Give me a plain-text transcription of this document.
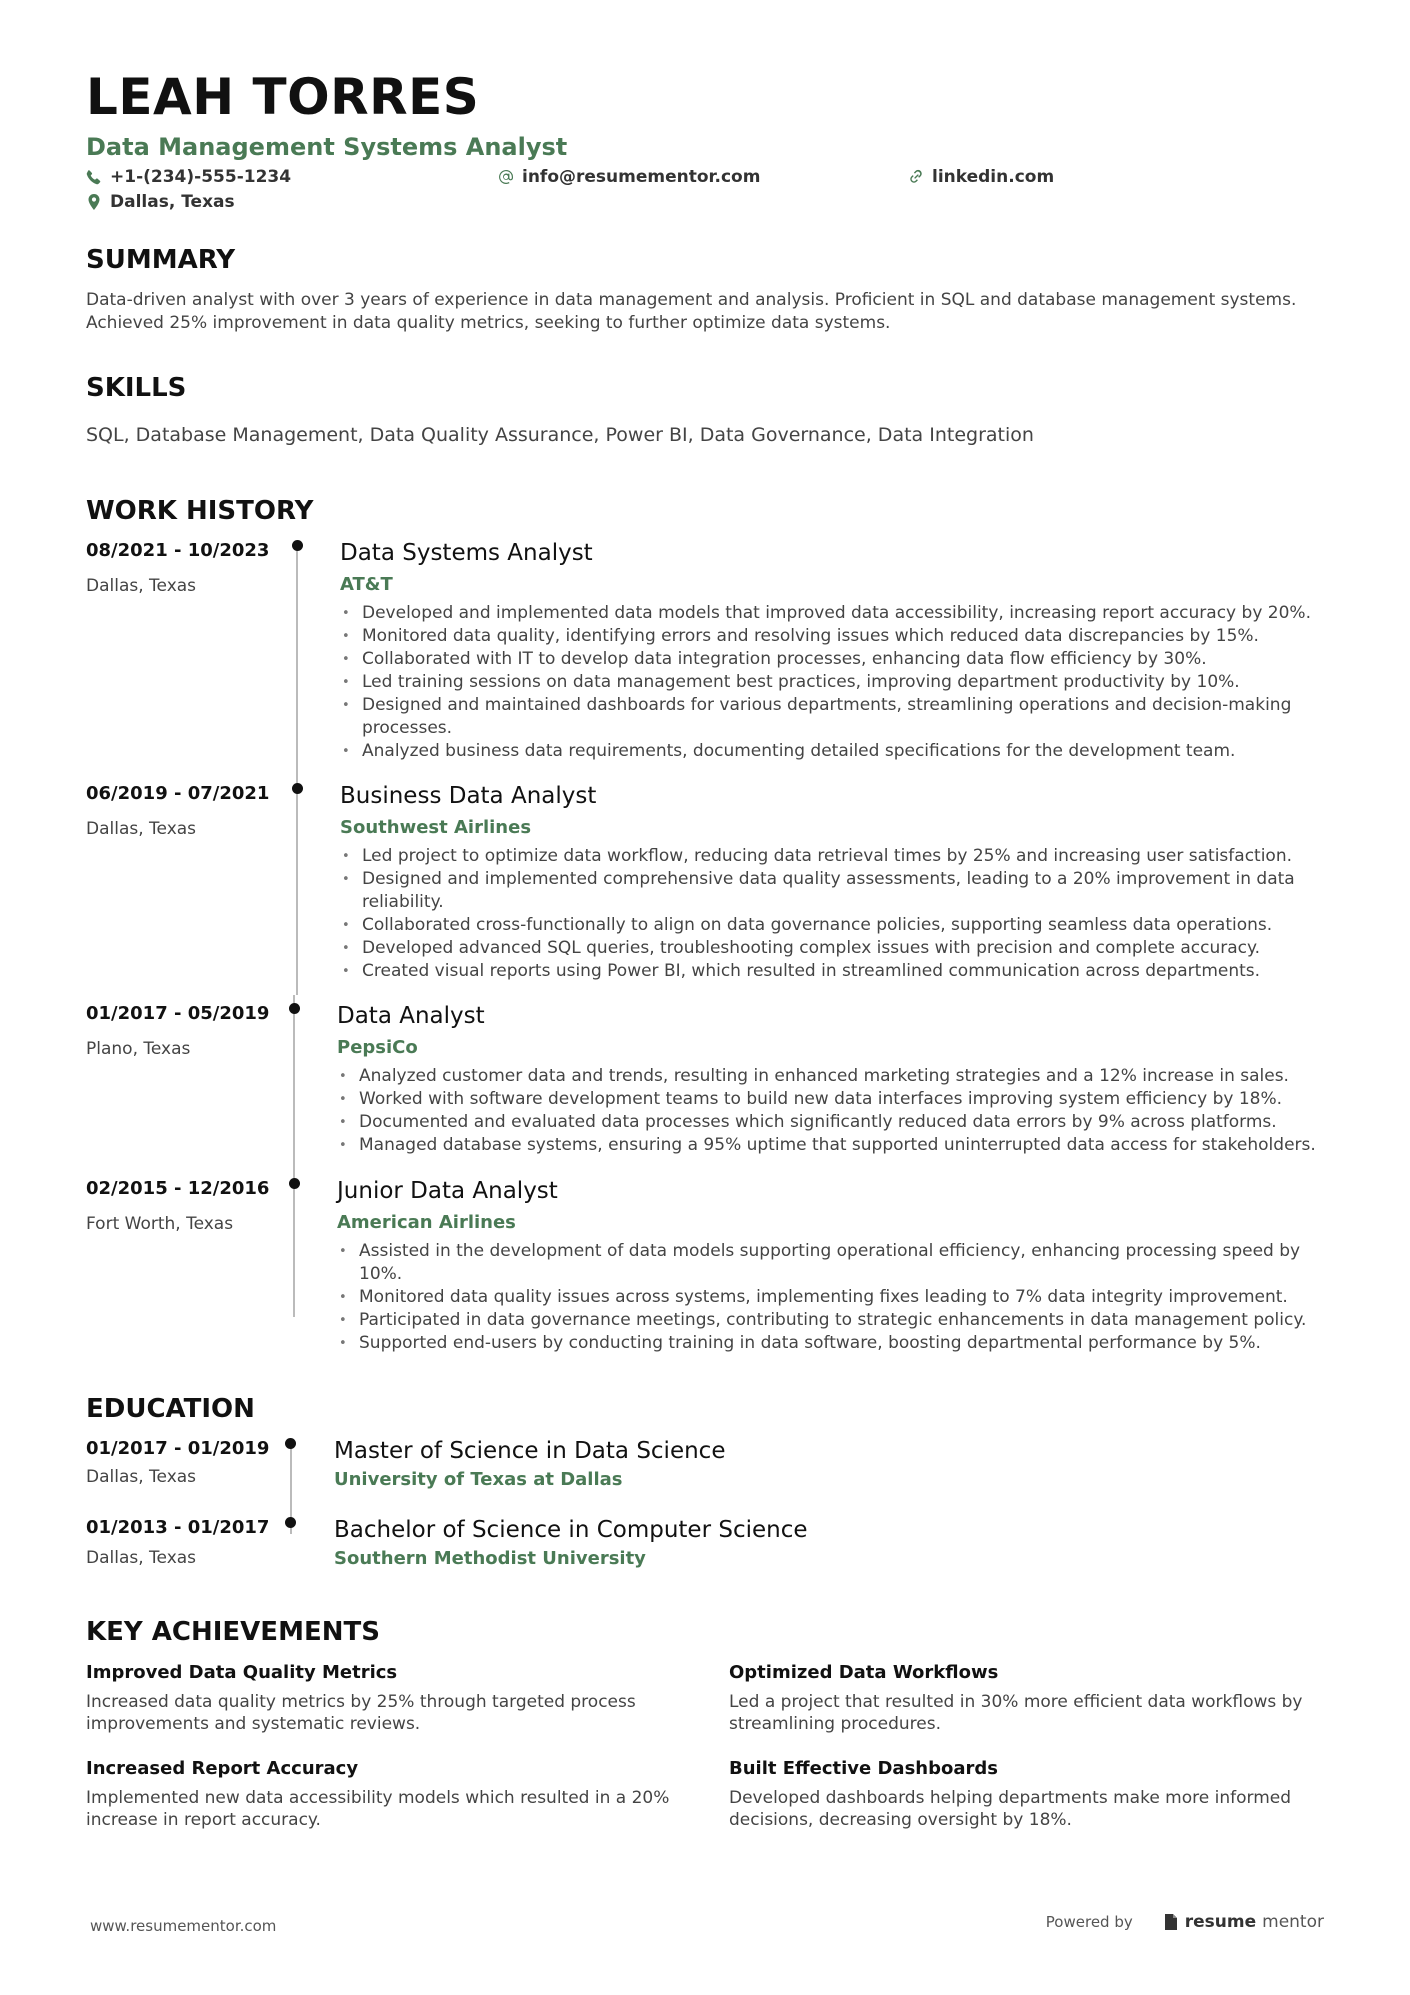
LEAH TORRES
Data Management Systems Analyst
+1-(234)-555-1234	info@resumementor.com	linkedin.com
Dallas, Texas
SUMMARY
Data-driven analyst with over 3 years of experience in data management and analysis. Proficient in SQL and database management systems. Achieved 25% improvement in data quality metrics, seeking to further optimize data systems.
SKILLS
SQL, Database Management, Data Quality Assurance, Power BI, Data Governance, Data Integration
WORK HISTORY
08/2021 - 10/2023
Dallas, Texas
Data Systems Analyst
AT&T
• Developed and implemented data models that improved data accessibility, increasing report accuracy by 20%.
• Monitored data quality, identifying errors and resolving issues which reduced data discrepancies by 15%.
• Collaborated with IT to develop data integration processes, enhancing data flow efficiency by 30%.
• Led training sessions on data management best practices, improving department productivity by 10%.
• Designed and maintained dashboards for various departments, streamlining operations and decision-making processes.
• Analyzed business data requirements, documenting detailed specifications for the development team.
06/2019 - 07/2021
Dallas, Texas
Business Data Analyst
Southwest Airlines
• Led project to optimize data workflow, reducing data retrieval times by 25% and increasing user satisfaction.
• Designed and implemented comprehensive data quality assessments, leading to a 20% improvement in data reliability.
• Collaborated cross-functionally to align on data governance policies, supporting seamless data operations.
• Developed advanced SQL queries, troubleshooting complex issues with precision and complete accuracy.
• Created visual reports using Power BI, which resulted in streamlined communication across departments.
01/2017 - 05/2019
Plano, Texas
Data Analyst
PepsiCo
• Analyzed customer data and trends, resulting in enhanced marketing strategies and a 12% increase in sales.
• Worked with software development teams to build new data interfaces improving system efficiency by 18%.
• Documented and evaluated data processes which significantly reduced data errors by 9% across platforms.
• Managed database systems, ensuring a 95% uptime that supported uninterrupted data access for stakeholders.
02/2015 - 12/2016
Fort Worth, Texas
Junior Data Analyst
American Airlines
• Assisted in the development of data models supporting operational efficiency, enhancing processing speed by 10%.
• Monitored data quality issues across systems, implementing fixes leading to 7% data integrity improvement.
• Participated in data governance meetings, contributing to strategic enhancements in data management policy.
• Supported end-users by conducting training in data software, boosting departmental performance by 5%.
EDUCATION
01/2017 - 01/2019
Dallas, Texas
Master of Science in Data Science
University of Texas at Dallas
01/2013 - 01/2017
Dallas, Texas
Bachelor of Science in Computer Science
Southern Methodist University
KEY ACHIEVEMENTS
Improved Data Quality Metrics
Increased data quality metrics by 25% through targeted process improvements and systematic reviews.
Optimized Data Workflows
Led a project that resulted in 30% more efficient data workflows by streamlining procedures.
Increased Report Accuracy
Implemented new data accessibility models which resulted in a 20% increase in report accuracy.
Built Effective Dashboards
Developed dashboards helping departments make more informed decisions, decreasing oversight by 18%.
www.resumementor.com	Powered by	resume mentor
